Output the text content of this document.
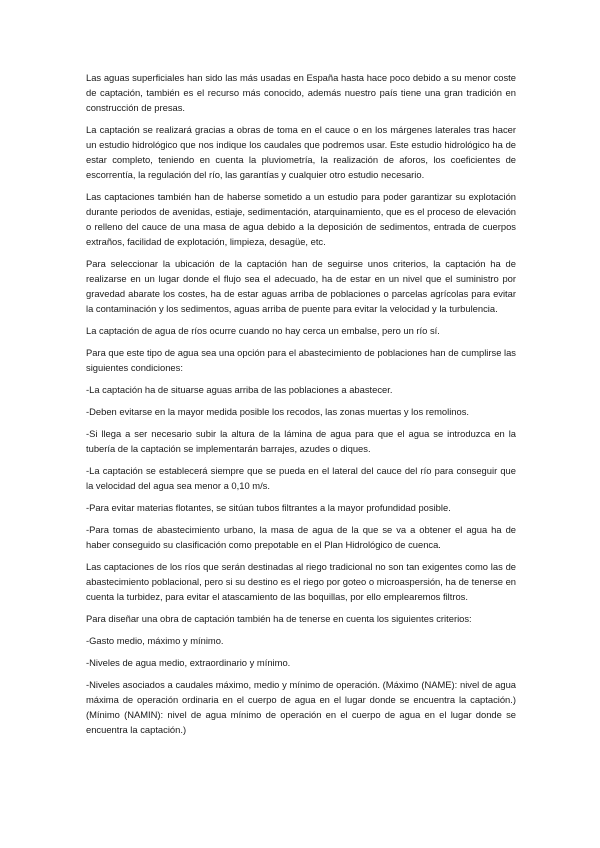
Las aguas superficiales han sido las más usadas en España hasta hace poco debido a su menor coste de captación, también es el recurso más conocido, además nuestro país tiene una gran tradición en construcción de presas.

La captación se realizará gracias a obras de toma en el cauce o en los márgenes laterales tras hacer un estudio hidrológico que nos indique los caudales que podremos usar. Este estudio hidrológico ha de estar completo, teniendo en cuenta la pluviometría, la realización de aforos, los coeficientes de escorrentía, la regulación del río, las garantías y cualquier otro estudio necesario.

Las captaciones también han de haberse sometido a un estudio para poder garantizar su explotación durante periodos de avenidas, estiaje, sedimentación, atarquinamiento, que es el proceso de elevación o relleno del cauce de una masa de agua debido a la deposición de sedimentos, entrada de cuerpos extraños, facilidad de explotación, limpieza, desagüe, etc.

Para seleccionar la ubicación de la captación han de seguirse unos criterios, la captación ha de realizarse en un lugar donde el flujo sea el adecuado, ha de estar en un nivel que el suministro por gravedad abarate los costes, ha de estar aguas arriba de poblaciones o parcelas agrícolas para evitar la contaminación y los sedimentos, aguas arriba de puente para evitar la velocidad y la turbulencia.

La captación de agua de ríos ocurre cuando no hay cerca un embalse, pero un río sí.

Para que este tipo de agua sea una opción para el abastecimiento de poblaciones han de cumplirse las siguientes condiciones:

-La captación ha de situarse aguas arriba de las poblaciones a abastecer.

-Deben evitarse en la mayor medida posible los recodos, las zonas muertas y los remolinos.

-Si llega a ser necesario subir la altura de la lámina de agua para que el agua se introduzca en la tubería de la captación se implementarán barrajes, azudes o diques.

-La captación se establecerá siempre que se pueda en el lateral del cauce del río para conseguir que la velocidad del agua sea menor a 0,10 m/s.

-Para evitar materias flotantes, se sitúan tubos filtrantes a la mayor profundidad posible.

-Para tomas de abastecimiento urbano, la masa de agua de la que se va a obtener el agua ha de haber conseguido su clasificación como prepotable en el Plan Hidrológico de cuenca.

Las captaciones de los ríos que serán destinadas al riego tradicional no son tan exigentes como las de abastecimiento poblacional, pero si su destino es el riego por goteo o microaspersión, ha de tenerse en cuenta la turbidez, para evitar el atascamiento de las boquillas, por ello emplearemos filtros.

Para diseñar una obra de captación también ha de tenerse en cuenta los siguientes criterios:

-Gasto medio, máximo y mínimo.

-Niveles de agua medio, extraordinario y mínimo.

-Niveles asociados a caudales máximo, medio y mínimo de operación. (Máximo (NAME): nivel de agua máxima de operación ordinaria en el cuerpo de agua en el lugar donde se encuentra la captación.) (Mínimo (NAMIN): nivel de agua mínimo de operación en el cuerpo de agua en el lugar donde se encuentra la captación.)
